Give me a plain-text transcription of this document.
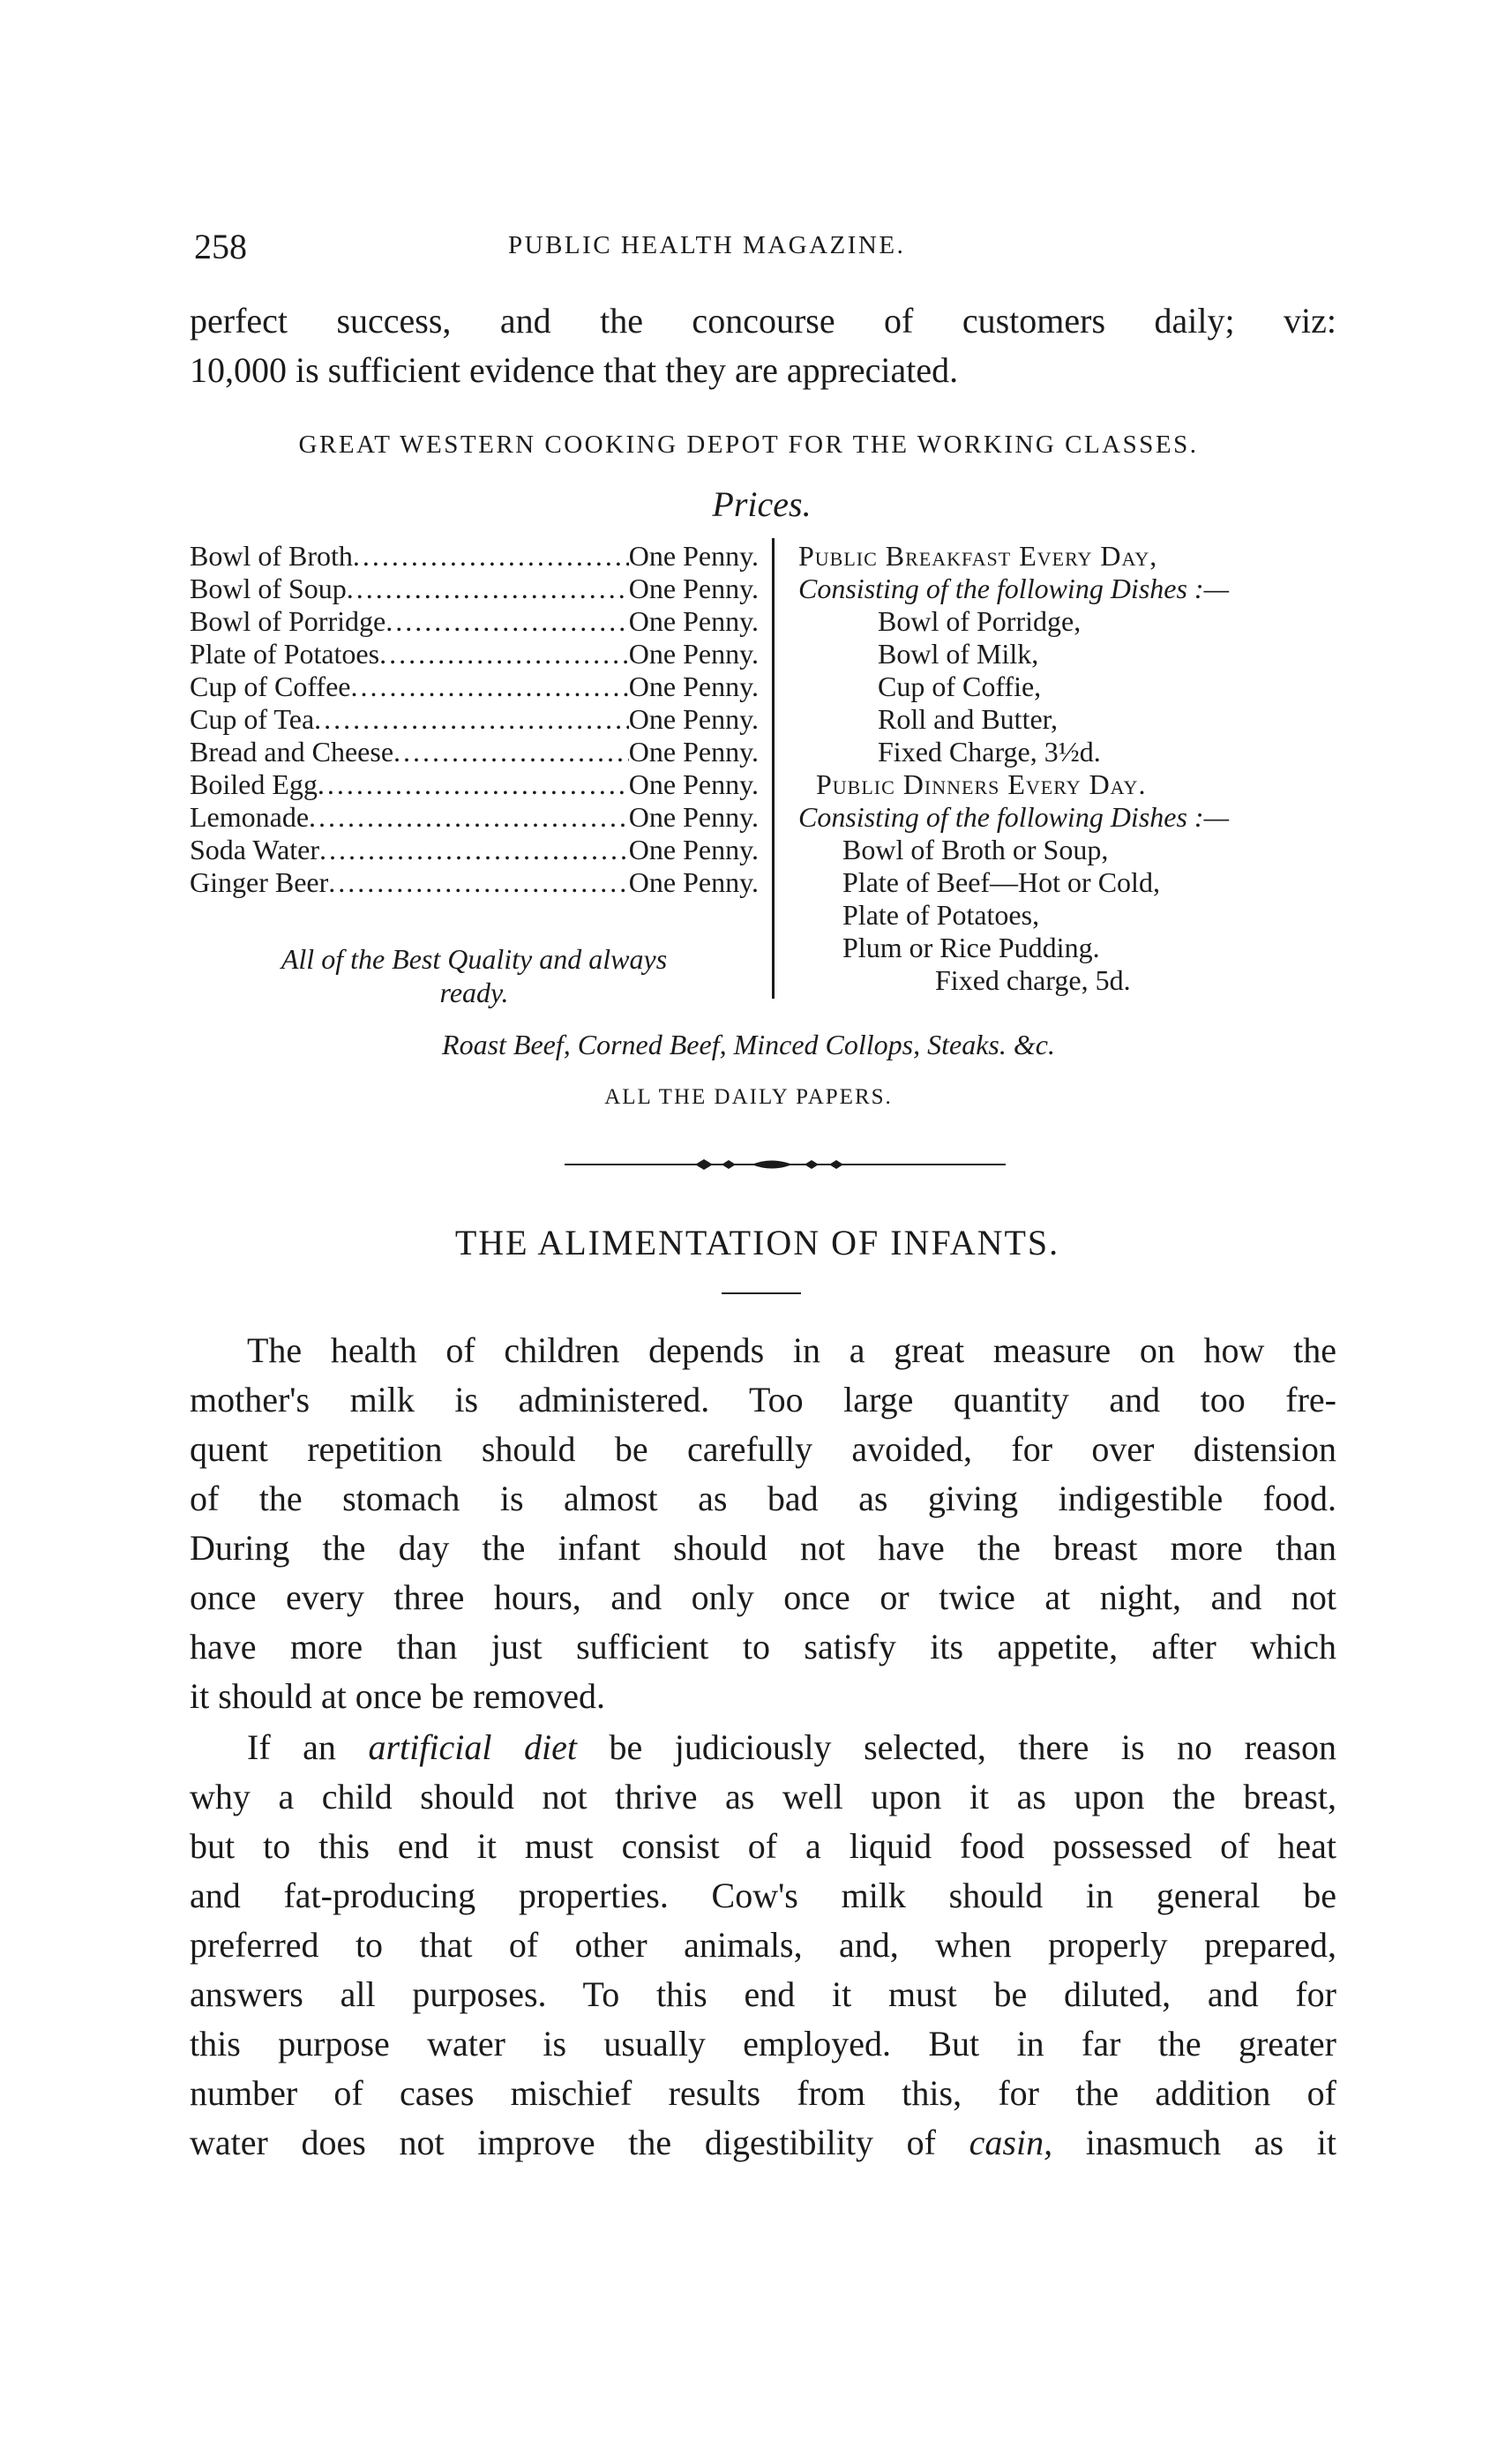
258	PUBLIC HEALTH MAGAZINE.
perfect success, and the concourse of customers daily; viz:
10,000 is sufficient evidence that they are appreciated.
GREAT WESTERN COOKING DEPOT FOR THE WORKING CLASSES.
Prices.
Bowl of Broth .....	One Penny.
Bowl of Soup .....	One Penny.
Bowl of Porridge .....	One Penny.
Plate of Potatoes .....	One Penny.
Cup of Coffee .....	One Penny.
Cup of Tea .....	One Penny.
Bread and Cheese .....	One Penny.
Boiled Egg .....	One Penny.
Lemonade .....	One Penny.
Soda Water .....	One Penny.
Ginger Beer .....	One Penny.
All of the Best Quality and always
ready.
Public Breakfast Every Day,
Consisting of the following Dishes :—
Bowl of Porridge,
Bowl of Milk,
Cup of Coffie,
Roll and Butter,
Fixed Charge, 3½d.
Public Dinners Every Day.
Consisting of the following Dishes :—
Bowl of Broth or Soup,
Plate of Beef—Hot or Cold,
Plate of Potatoes,
Plum or Rice Pudding.
Fixed charge, 5d.
Roast Beef, Corned Beef, Minced Collops, Steaks. &c.
ALL THE DAILY PAPERS.
THE ALIMENTATION OF INFANTS.
The health of children depends in a great measure on how the
mother's milk is administered. Too large quantity and too fre-
quent repetition should be carefully avoided, for over distension
of the stomach is almost as bad as giving indigestible food.
During the day the infant should not have the breast more than
once every three hours, and only once or twice at night, and not
have more than just sufficient to satisfy its appetite, after which
it should at once be removed.
If an artificial diet be judiciously selected, there is no reason
why a child should not thrive as well upon it as upon the breast,
but to this end it must consist of a liquid food possessed of heat
and fat-producing properties. Cow's milk should in general be
preferred to that of other animals, and, when properly prepared,
answers all purposes. To this end it must be diluted, and for
this purpose water is usually employed. But in far the greater
number of cases mischief results from this, for the addition of
water does not improve the digestibility of casin, inasmuch as it
